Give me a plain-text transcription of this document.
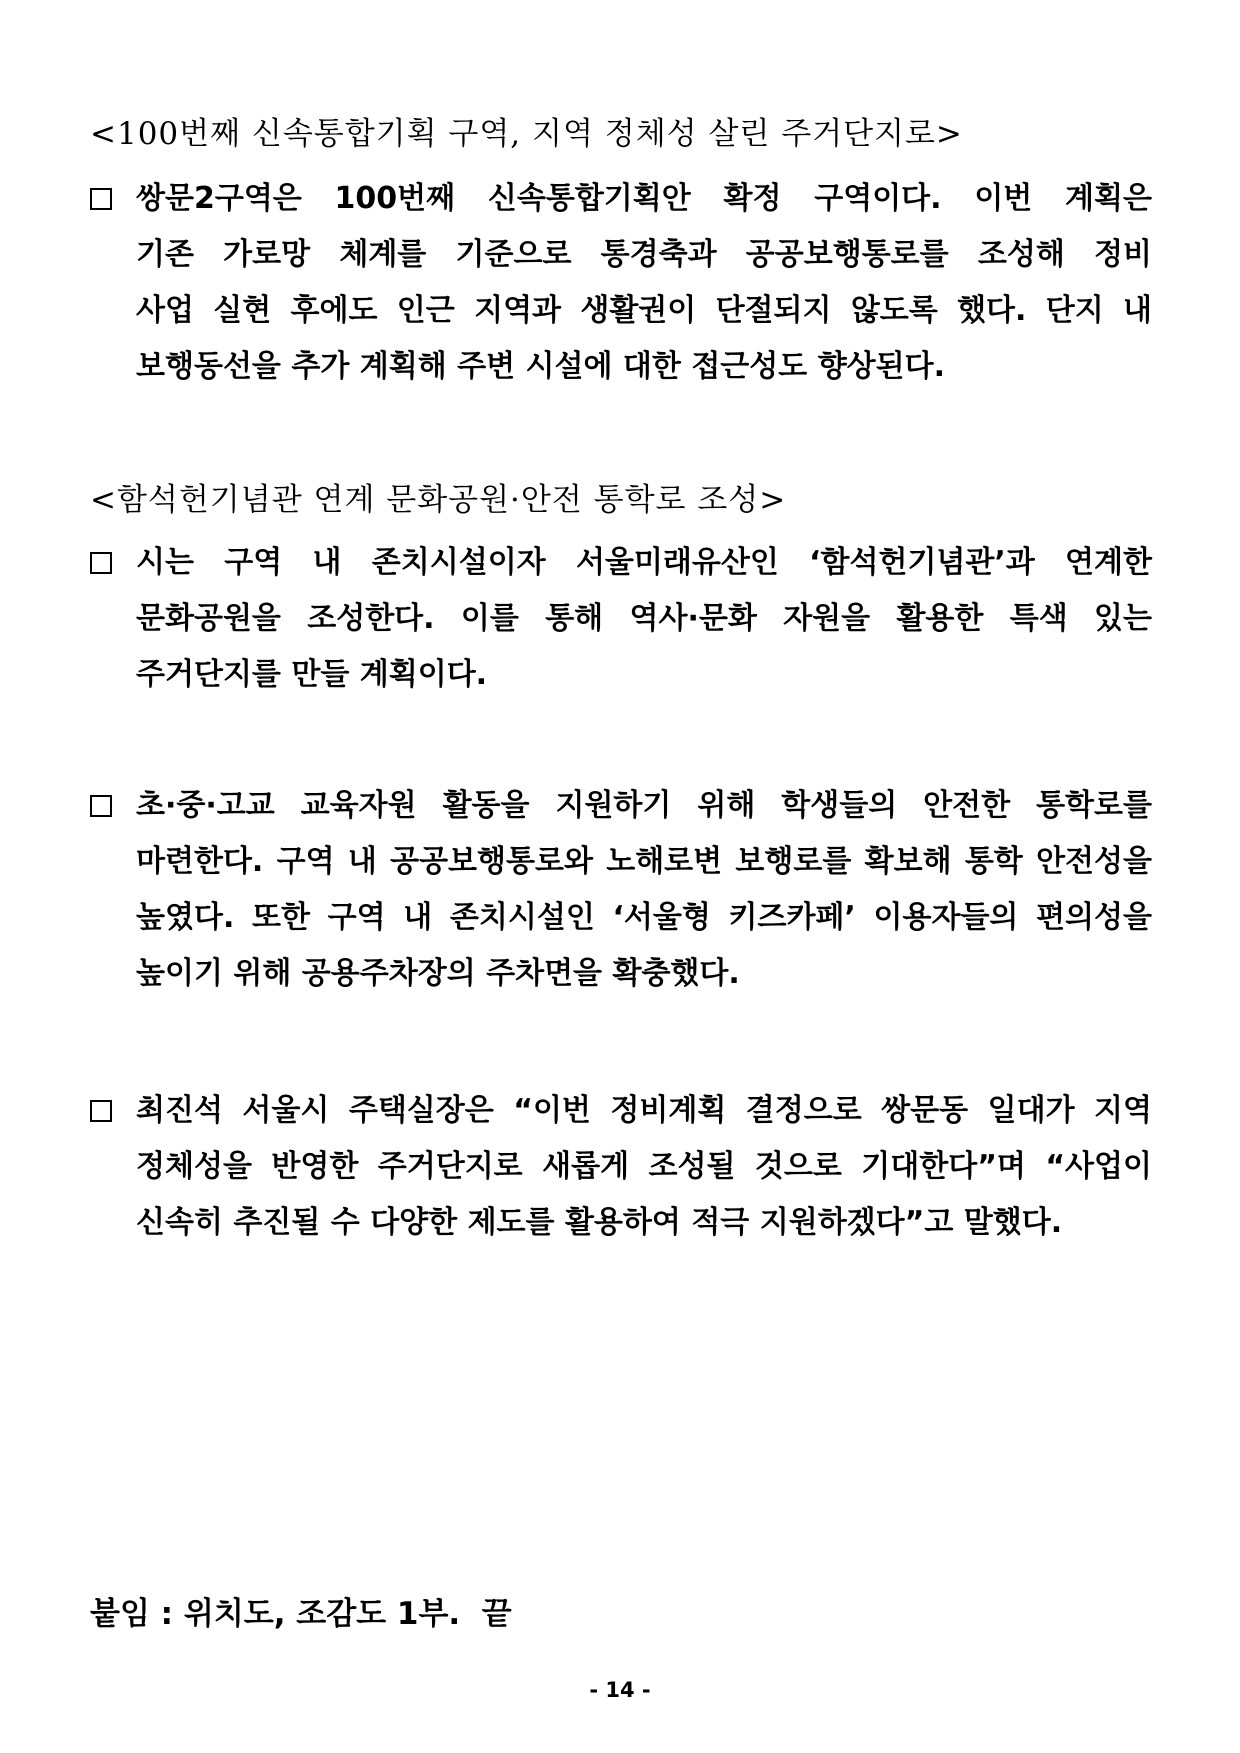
<100번째 신속통합기획 구역, 지역 정체성 살린 주거단지로>
쌍문2구역은 100번째 신속통합기획안 확정 구역이다. 이번 계획은
기존 가로망 체계를 기준으로 통경축과 공공보행통로를 조성해 정비
사업 실현 후에도 인근 지역과 생활권이 단절되지 않도록 했다. 단지 내
보행동선을 추가 계획해 주변 시설에 대한 접근성도 향상된다.
<함석헌기념관 연계 문화공원·안전 통학로 조성>
시는 구역 내 존치시설이자 서울미래유산인 ‘함석헌기념관’과 연계한
문화공원을 조성한다. 이를 통해 역사·문화 자원을 활용한 특색 있는
주거단지를 만들 계획이다.
초·중·고교 교육자원 활동을 지원하기 위해 학생들의 안전한 통학로를
마련한다. 구역 내 공공보행통로와 노해로변 보행로를 확보해 통학 안전성을
높였다. 또한 구역 내 존치시설인 ‘서울형 키즈카페’ 이용자들의 편의성을
높이기 위해 공용주차장의 주차면을 확충했다.
최진석 서울시 주택실장은 “이번 정비계획 결정으로 쌍문동 일대가 지역
정체성을 반영한 주거단지로 새롭게 조성될 것으로 기대한다”며 “사업이
신속히 추진될 수 다양한 제도를 활용하여 적극 지원하겠다”고 말했다.
붙임 : 위치도, 조감도 1부.  끝
- 14 -
